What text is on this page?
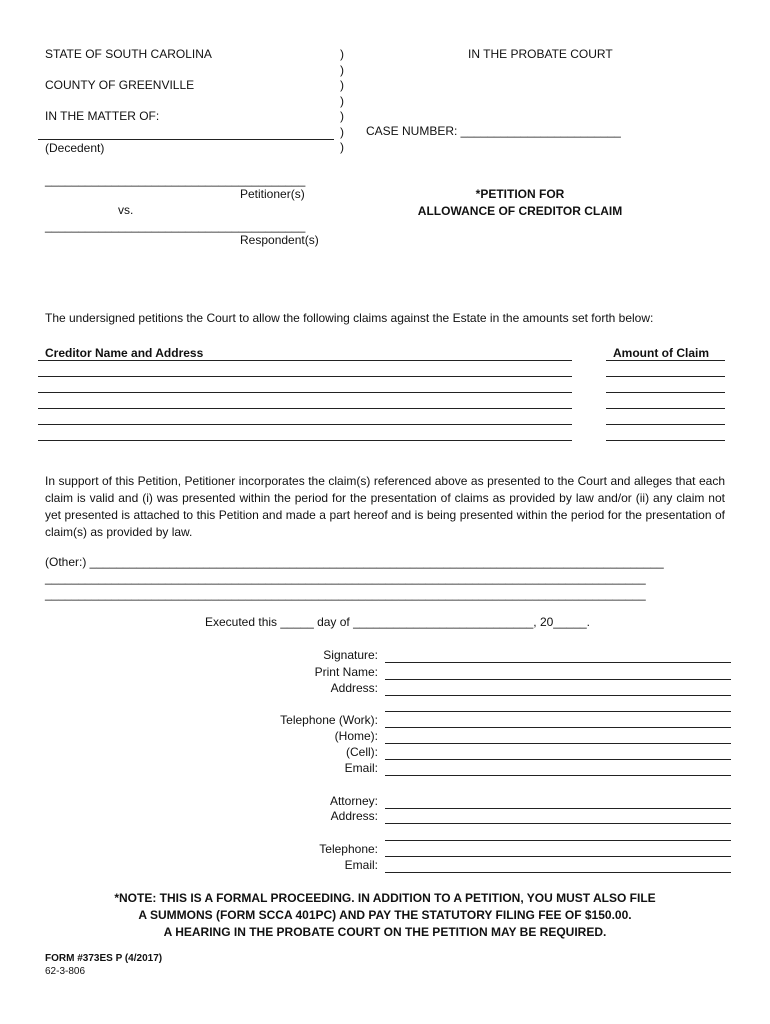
STATE OF SOUTH CAROLINA
COUNTY OF GREENVILLE
IN THE MATTER OF:
(Decedent)
)
)
)
)
)
)
)
IN THE PROBATE COURT
CASE NUMBER: ________________________
_______________________________________
Petitioner(s)
vs.
_______________________________________
Respondent(s)
*PETITION FOR
ALLOWANCE OF CREDITOR CLAIM
The undersigned petitions the Court to allow the following claims against the Estate in the amounts set forth below:
Creditor Name and Address	Amount of Claim
In support of this Petition, Petitioner incorporates the claim(s) referenced above as presented to the Court and alleges that each claim is valid and (i) was presented within the period for the presentation of claims as provided by law and/or (ii) any claim not yet presented is attached to this Petition and made a part hereof and is being presented within the period for the presentation of claim(s) as provided by law.
(Other:) ______________________________________________________________________________________
__________________________________________________________________________________________
__________________________________________________________________________________________
Executed this _____ day of ___________________________, 20_____.
Signature:
Print Name:
Address:
Telephone (Work):
(Home):
(Cell):
Email:
Attorney:
Address:
Telephone:
Email:
*NOTE: THIS IS A FORMAL PROCEEDING. IN ADDITION TO A PETITION, YOU MUST ALSO FILE
A SUMMONS (FORM SCCA 401PC) AND PAY THE STATUTORY FILING FEE OF $150.00.
A HEARING IN THE PROBATE COURT ON THE PETITION MAY BE REQUIRED.
FORM #373ES P (4/2017)
62-3-806
